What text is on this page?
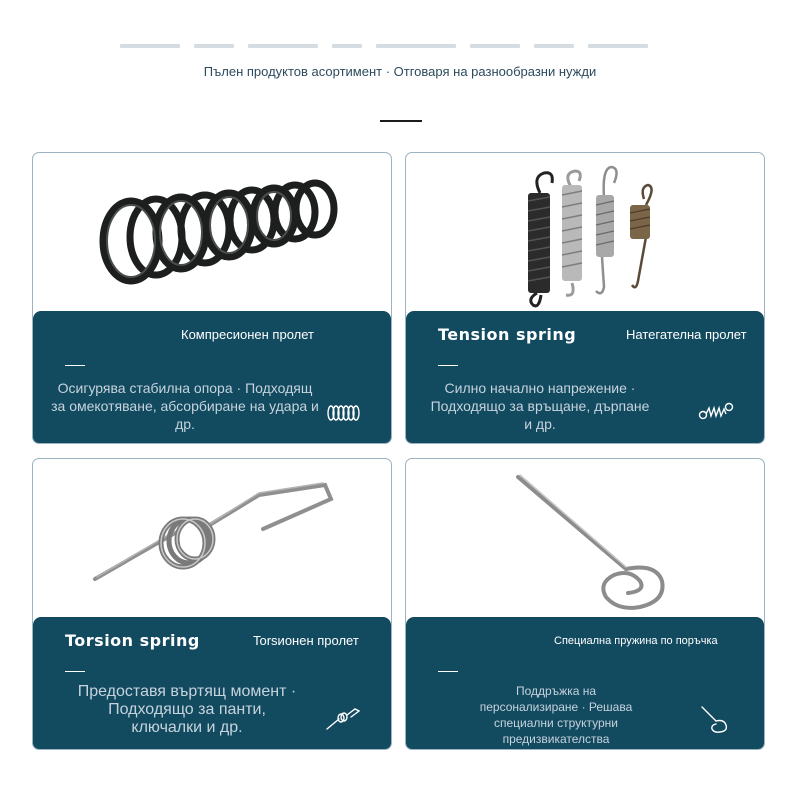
Пълен продуктов асортимент · Отговаря на разнообразни нужди
Компресионен пролет
Осигурява стабилна опора · Подходящ за омекотяване, абсорбиране на удара и др.
Tension spring	Натегателна пролет
Силно начално напрежение · Подходящо за връщане, дърпане и др.
Torsion spring	Torsионен пролет
Предоставя въртящ момент · Подходящо за панти, ключалки и др.
Специална пружина по поръчка
Поддръжка на персонализиране · Решава специални структурни предизвикателства
